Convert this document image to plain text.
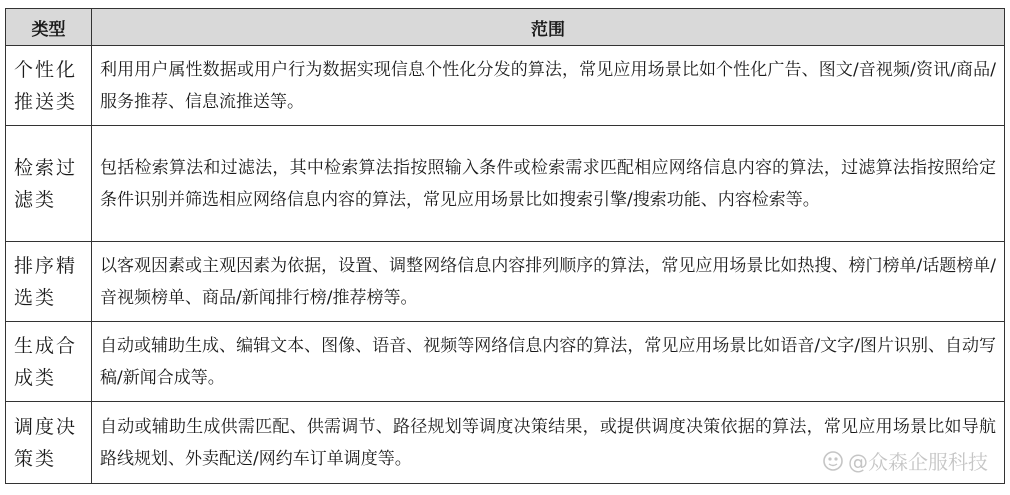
类型	范围
个性化推送类	利用用户属性数据或用户行为数据实现信息个性化分发的算法，常见应用场景比如个性化广告、图文/音视频/资讯/商品/服务推荐、信息流推送等。
检索过滤类	包括检索算法和过滤法，其中检索算法指按照输入条件或检索需求匹配相应网络信息内容的算法，过滤算法指按照给定条件识别并筛选相应网络信息内容的算法，常见应用场景比如搜索引擎/搜索功能、内容检索等。
排序精选类	以客观因素或主观因素为依据，设置、调整网络信息内容排列顺序的算法，常见应用场景比如热搜、榜门榜单/话题榜单/音视频榜单、商品/新闻排行榜/推荐榜等。
生成合成类	自动或辅助生成、编辑文本、图像、语音、视频等网络信息内容的算法，常见应用场景比如语音/文字/图片识别、自动写稿/新闻合成等。
调度决策类	自动或辅助生成供需匹配、供需调节、路径规划等调度决策结果，或提供调度决策依据的算法，常见应用场景比如导航路线规划、外卖配送/网约车订单调度等。	@众森企服科技
